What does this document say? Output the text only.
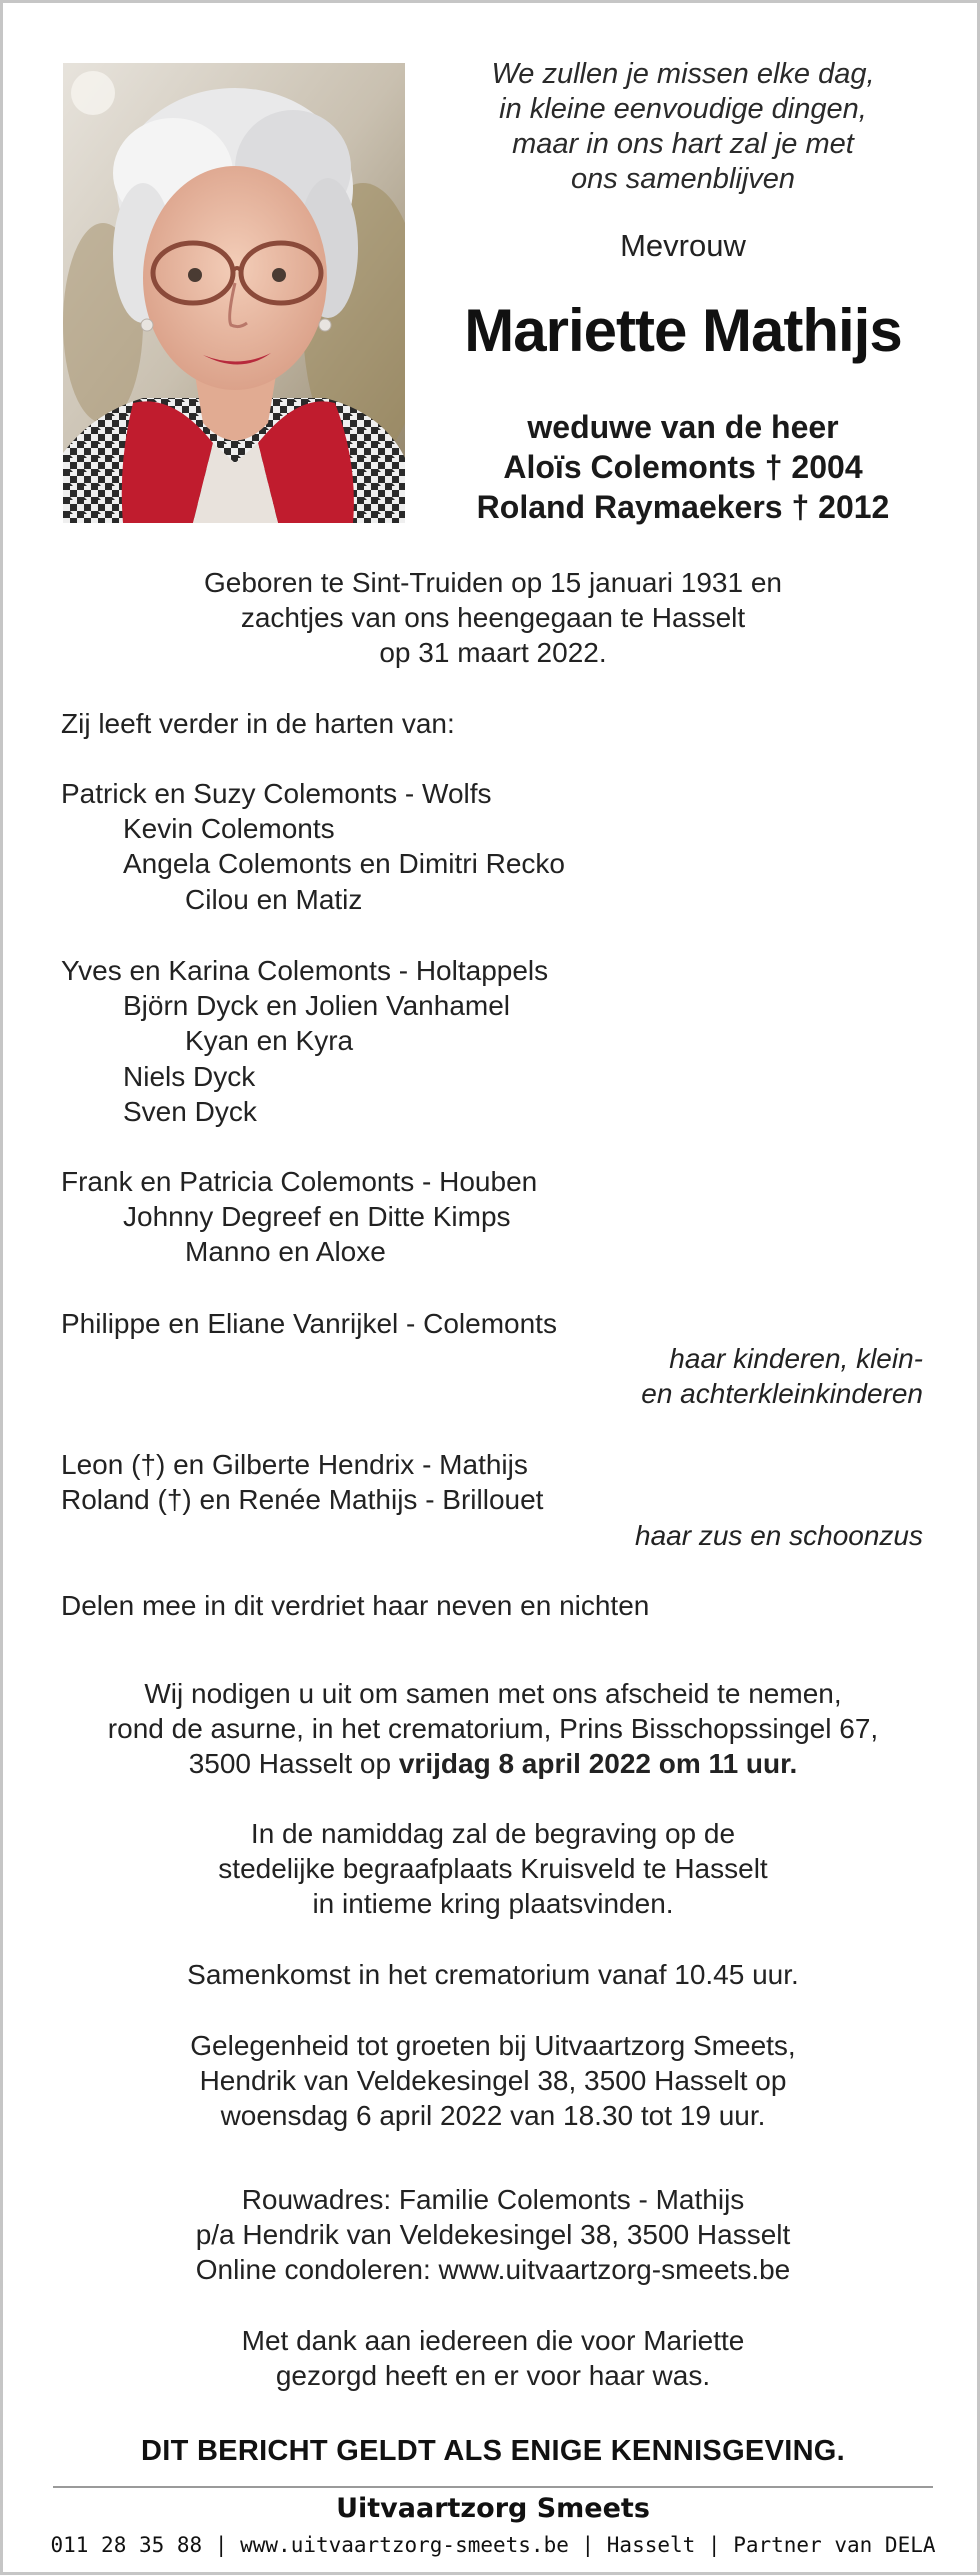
We zullen je missen elke dag,
in kleine eenvoudige dingen,
maar in ons hart zal je met
ons samenblijven
Mevrouw
Mariette Mathijs
weduwe van de heer
Aloïs Colemonts † 2004
Roland Raymaekers † 2012
Geboren te Sint-Truiden op 15 januari 1931 en
zachtjes van ons heengegaan te Hasselt
op 31 maart 2022.
Zij leeft verder in de harten van:
Patrick en Suzy Colemonts - Wolfs
Kevin Colemonts
Angela Colemonts en Dimitri Recko
Cilou en Matiz
Yves en Karina Colemonts - Holtappels
Björn Dyck en Jolien Vanhamel
Kyan en Kyra
Niels Dyck
Sven Dyck
Frank en Patricia Colemonts - Houben
Johnny Degreef en Ditte Kimps
Manno en Aloxe
Philippe en Eliane Vanrijkel - Colemonts
haar kinderen, klein-
en achterkleinkinderen
Leon (†) en Gilberte Hendrix - Mathijs
Roland (†) en Renée Mathijs - Brillouet
haar zus en schoonzus
Delen mee in dit verdriet haar neven en nichten
Wij nodigen u uit om samen met ons afscheid te nemen,
rond de asurne, in het crematorium, Prins Bisschopssingel 67,
3500 Hasselt op vrijdag 8 april 2022 om 11 uur.
In de namiddag zal de begraving op de
stedelijke begraafplaats Kruisveld te Hasselt
in intieme kring plaatsvinden.
Samenkomst in het crematorium vanaf 10.45 uur.
Gelegenheid tot groeten bij Uitvaartzorg Smeets,
Hendrik van Veldekesingel 38, 3500 Hasselt op
woensdag 6 april 2022 van 18.30 tot 19 uur.
Rouwadres: Familie Colemonts - Mathijs
p/a Hendrik van Veldekesingel 38, 3500 Hasselt
Online condoleren: www.uitvaartzorg-smeets.be
Met dank aan iedereen die voor Mariette
gezorgd heeft en er voor haar was.
DIT BERICHT GELDT ALS ENIGE KENNISGEVING.
Uitvaartzorg Smeets
011 28 35 88 | www.uitvaartzorg-smeets.be | Hasselt | Partner van DELA
